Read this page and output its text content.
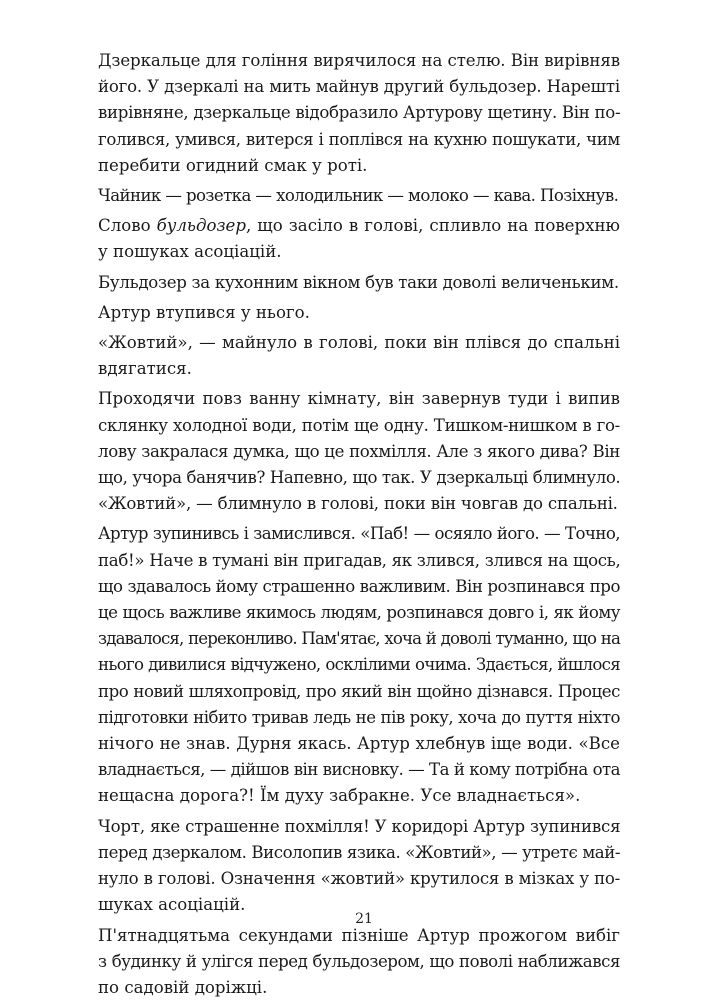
Дзеркальце для гоління вирячилося на стелю. Він вирівняв
його. У дзеркалі на мить майнув другий бульдозер. Нарешті
вирівняне, дзеркальце відобразило Артурову щетину. Він по-
голився, умився, витерся і поплівся на кухню пошукати, чим
перебити огидний смак у роті.

Чайник — розетка — холодильник — молоко — кава. Позіхнув.

Слово бульдозер, що засіло в голові, спливло на поверхню
у пошуках асоціацій.

Бульдозер за кухонним вікном був таки доволі величеньким.

Артур втупився у нього.

«Жовтий», — майнуло в голові, поки він плівся до спальні
вдягатися.

Проходячи повз ванну кімнату, він завернув туди і випив
склянку холодної води, потім ще одну. Тишком-нишком в го-
лову закралася думка, що це похмілля. Але з якого дива? Він
що, учора банячив? Напевно, що так. У дзеркальці блимнуло.
«Жовтий», — блимнуло в голові, поки він човгав до спальні.

Артур зупинивсь і замислився. «Паб! — осяяло його. — Точно,
паб!» Наче в тумані він пригадав, як злився, злився на щось,
що здавалось йому страшенно важливим. Він розпинався про
це щось важливе якимось людям, розпинався довго і, як йому
здавалося, переконливо. Пам'ятає, хоча й доволі туманно, що на
нього дивилися відчужено, осклілими очима. Здається, йшлося
про новий шляхопровід, про який він щойно дізнався. Процес
підготовки нібито тривав ледь не пів року, хоча до пуття ніхто
нічого не знав. Дурня якась. Артур хлебнув іще води. «Все
владнається, — дійшов він висновку. — Та й кому потрібна ота
нещасна дорога?! Їм духу забракне. Усе владнається».

Чорт, яке страшенне похмілля! У коридорі Артур зупинився
перед дзеркалом. Висолопив язика. «Жовтий», — утретє май-
нуло в голові. Означення «жовтий» крутилося в мізках у по-
шуках асоціацій.

П'ятнадцятьма секундами пізніше Артур прожогом вибіг
з будинку й улігся перед бульдозером, що поволі наближався
по садовій доріжці.

21
